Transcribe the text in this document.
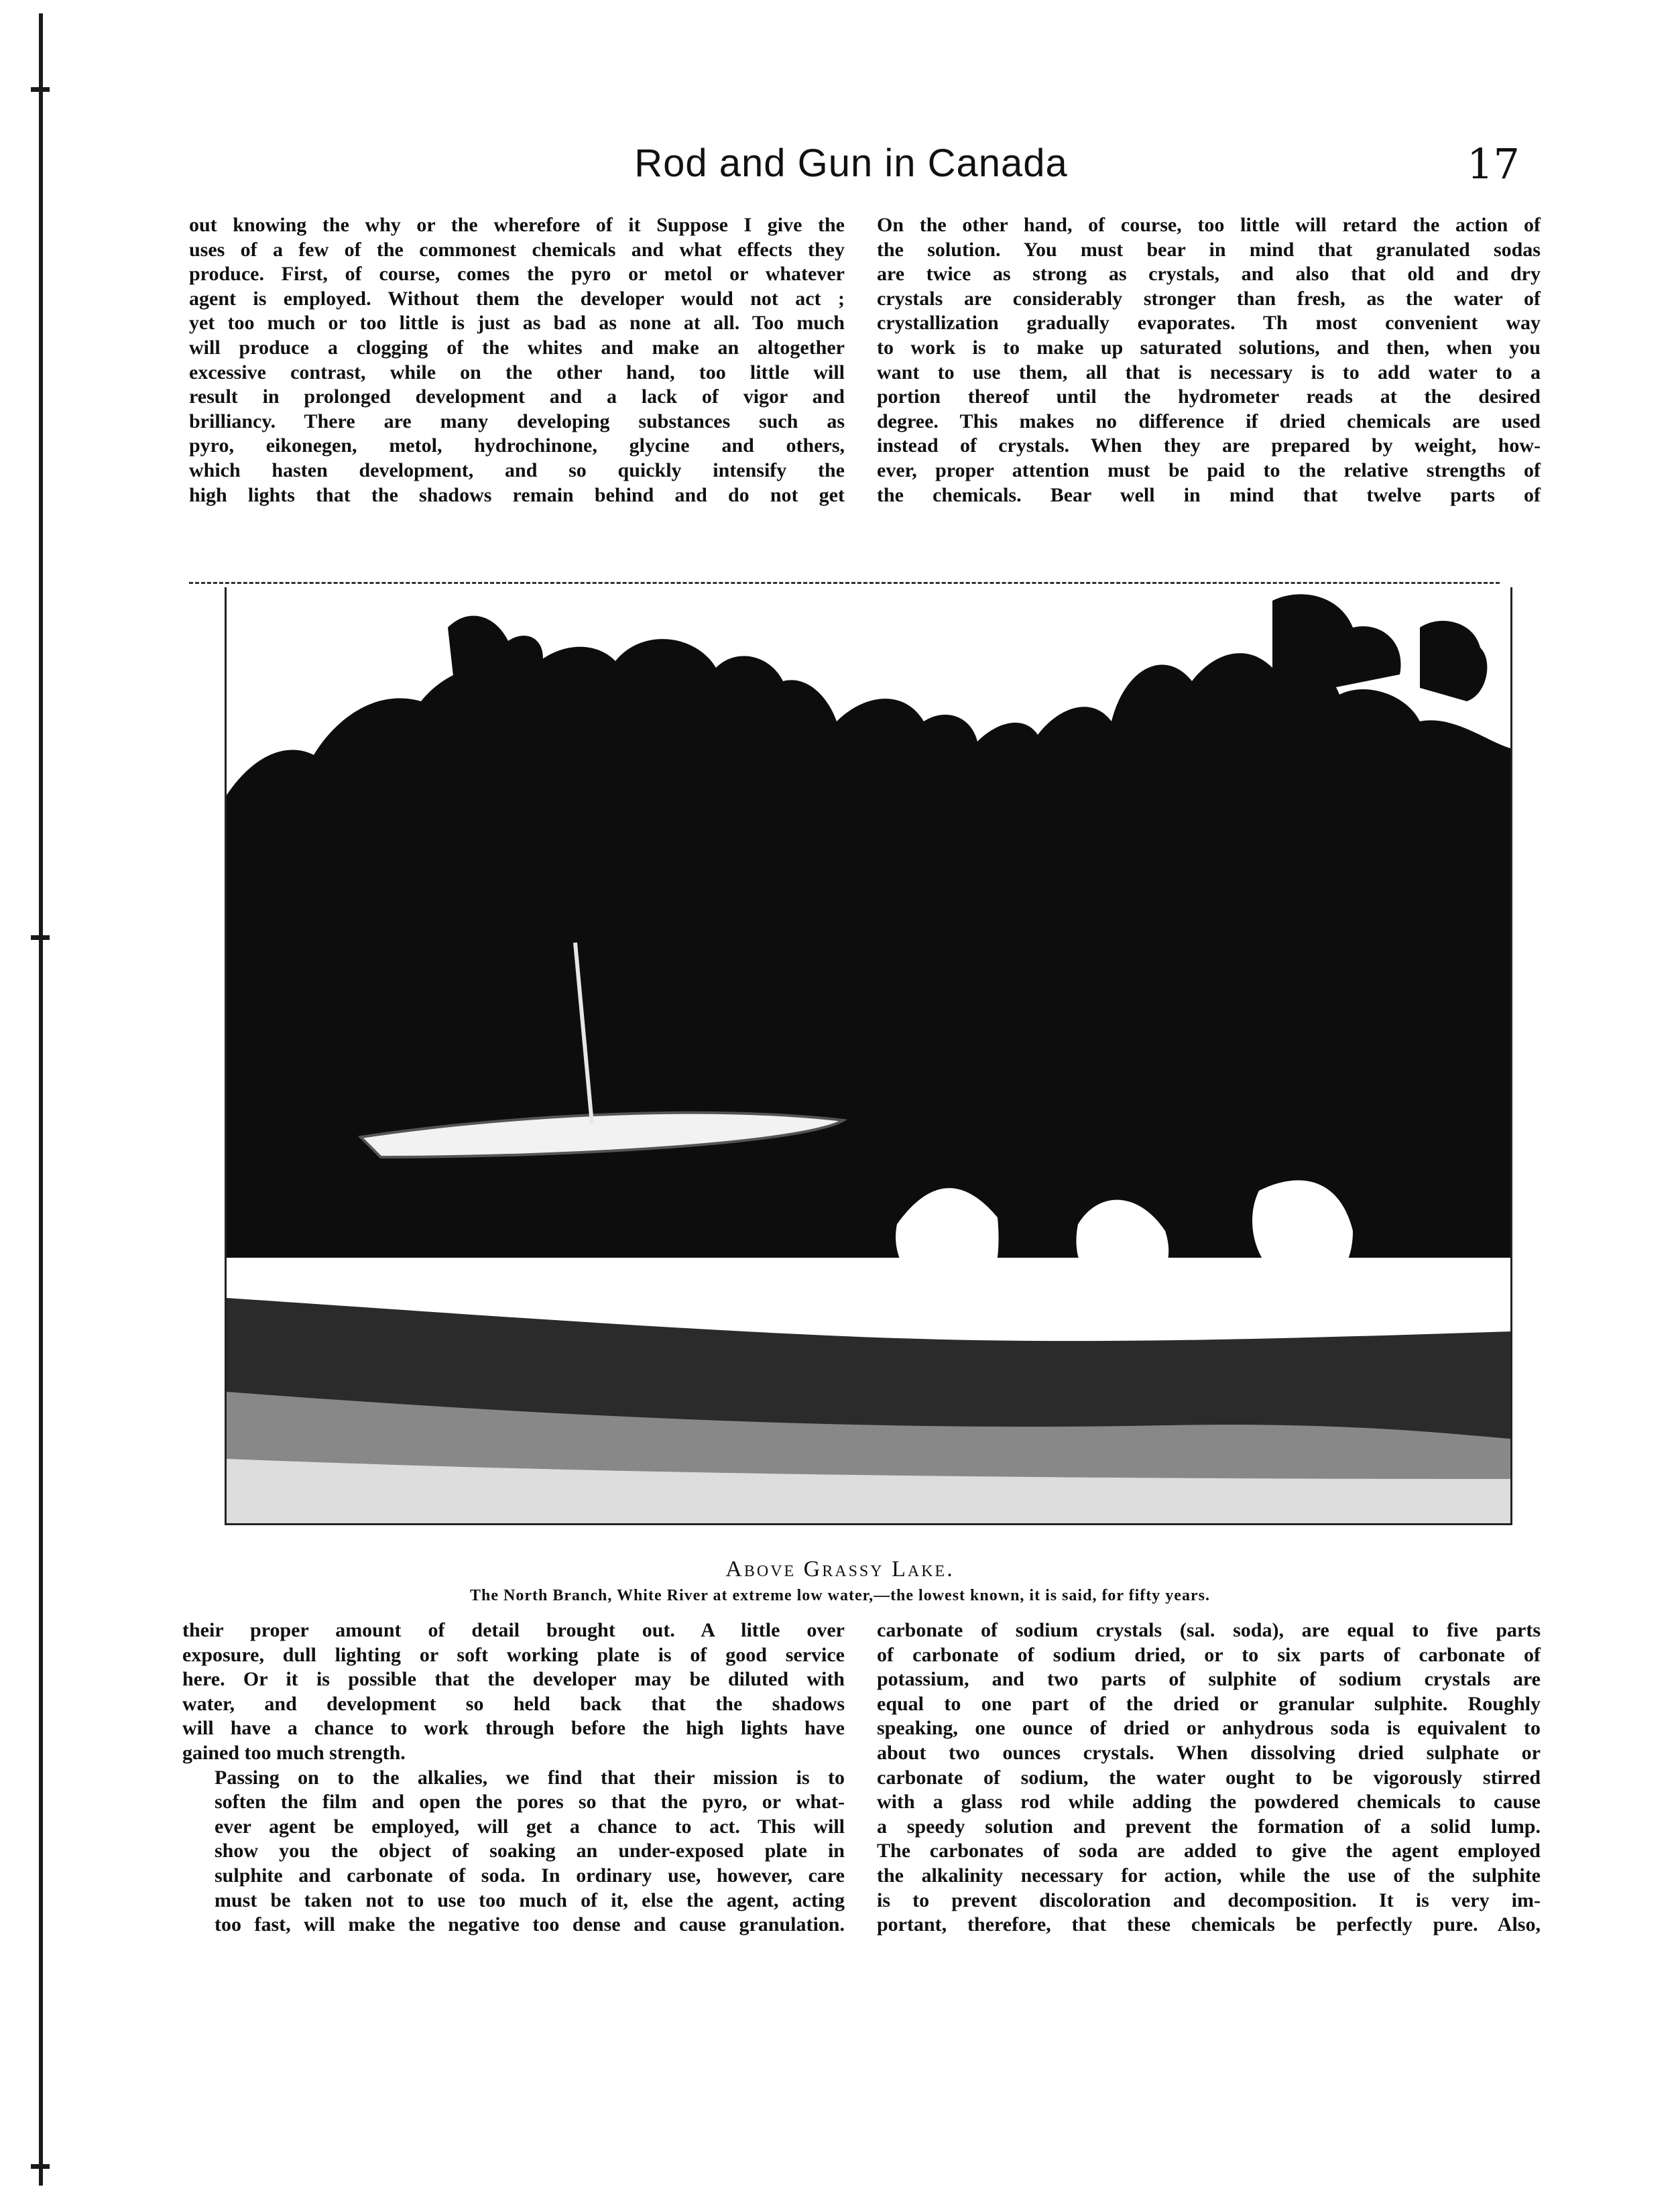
Rod and Gun in Canada	17
out knowing the why or the wherefore of it Suppose I give the
uses of a few of the commonest chemicals and what effects they
produce. First, of course, comes the pyro or metol or whatever
agent is employed. Without them the developer would not act ;
yet too much or too little is just as bad as none at all. Too much
will produce a clogging of the whites and make an altogether
excessive contrast, while on the other hand, too little will
result in prolonged development and a lack of vigor and
brilliancy. There are many developing substances such as
pyro, eikonegen, metol, hydrochinone, glycine and others,
which hasten development, and so quickly intensify the
high lights that the shadows remain behind and do not get
On the other hand, of course, too little will retard the action of
the solution. You must bear in mind that granulated sodas
are twice as strong as crystals, and also that old and dry
crystals are considerably stronger than fresh, as the water of
crystallization gradually evaporates. Th most convenient way
to work is to make up saturated solutions, and then, when you
want to use them, all that is necessary is to add water to a
portion thereof until the hydrometer reads at the desired
degree. This makes no difference if dried chemicals are used
instead of crystals. When they are prepared by weight, how-
ever, proper attention must be paid to the relative strengths of
the chemicals. Bear well in mind that twelve parts of
Above Grassy Lake.
The North Branch, White River at extreme low water,—the lowest known, it is said, for fifty years.

their proper amount of detail brought out. A little over
exposure, dull lighting or soft working plate is of good service
here. Or it is possible that the developer may be diluted with
water, and development so held back that the shadows
will have a chance to work through before the high lights have
gained too much strength.

Passing on to the alkalies, we find that their mission is to
soften the film and open the pores so that the pyro, or what-
ever agent be employed, will get a chance to act. This will
show you the object of soaking an under-exposed plate in
sulphite and carbonate of soda. In ordinary use, however, care
must be taken not to use too much of it, else the agent, acting
too fast, will make the negative too dense and cause granulation.

carbonate of sodium crystals (sal. soda), are equal to five parts
of carbonate of sodium dried, or to six parts of carbonate of
potassium, and two parts of sulphite of sodium crystals are
equal to one part of the dried or granular sulphite. Roughly
speaking, one ounce of dried or anhydrous soda is equivalent to
about two ounces crystals. When dissolving dried sulphate or
carbonate of sodium, the water ought to be vigorously stirred
with a glass rod while adding the powdered chemicals to cause
a speedy solution and prevent the formation of a solid lump.
The carbonates of soda are added to give the agent employed
the alkalinity necessary for action, while the use of the sulphite
is to prevent discoloration and decomposition. It is very im-
portant, therefore, that these chemicals be perfectly pure. Also,
